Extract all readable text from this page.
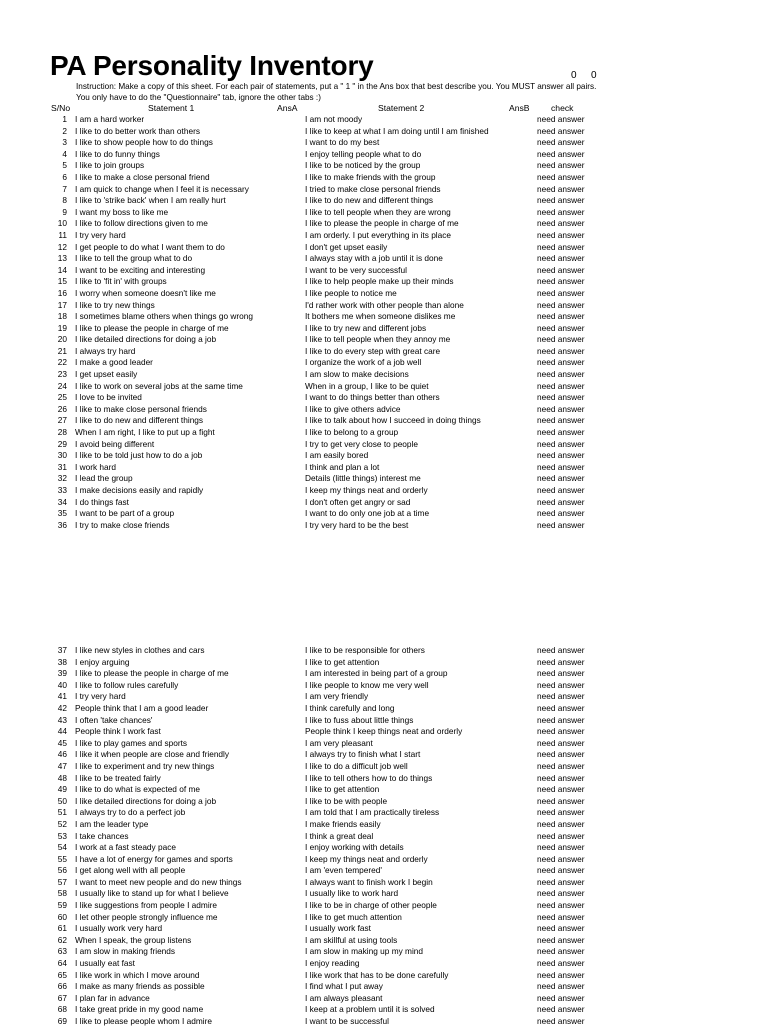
PA Personality Inventory	0 0
Instruction: Make a copy of this sheet. For each pair of statements, put a " 1 " in the Ans box that best describe you. You MUST answer all pairs.
You only have to do the "Questionnaire" tab, ignore the other tabs :)
S/No	Statement 1	AnsA	Statement 2	AnsB check
1 I am a hard worker	I am not moody	need answer
2 I like to do better work than others	I like to keep at what I am doing until I am finished	need answer
3 I like to show people how to do things	I want to do my best	need answer
4 I like to do funny things	I enjoy telling people what to do	need answer
5 I like to join groups	I like to be noticed by the group	need answer
6 I like to make a close personal friend	I like to make friends with the group	need answer
7 I am quick to change when I feel it is necessary	I tried to make close personal friends	need answer
8 I like to 'strike back' when I am really hurt	I like to do new and different things	need answer
9 I want my boss to like me	I like to tell people when they are wrong	need answer
10 I like to follow directions given to me	I like to please the people in charge of me	need answer
11 I try very hard	I am orderly. I put everything in its place	need answer
12 I get people to do what I want them to do	I don't get upset easily	need answer
13 I like to tell the group what to do	I always stay with a job until it is done	need answer
14 I want to be exciting and interesting	I want to be very successful	need answer
15 I like to 'fit in' with groups	I like to help people make up their minds	need answer
16 I worry when someone doesn't like me	I like people to notice me	need answer
17 I like to try new things	I'd rather work with other people than alone	need answer
18 I sometimes blame others when things go wrong	It bothers me when someone dislikes me	need answer
19 I like to please the people in charge of me	I like to try new and different jobs	need answer
20 I like detailed directions for doing a job	I like to tell people when they annoy me	need answer
21 I always try hard	I like to do every step with great care	need answer
22 I make a good leader	I organize the work of a job well	need answer
23 I get upset easily	I am slow to make decisions	need answer
24 I like to work on several jobs at the same time	When in a group, I like to be quiet	need answer
25 I love to be invited	I want to do things better than others	need answer
26 I like to make close personal friends	I like to give others advice	need answer
27 I like to do new and different things	I like to talk about how I succeed in doing things	need answer
28 When I am right, I like to put up a fight	I like to belong to a group	need answer
29 I avoid being different	I try to get very close to people	need answer
30 I like to be told just how to do a job	I am easily bored	need answer
31 I work hard	I think and plan a lot	need answer
32 I lead the group	Details (little things) interest me	need answer
33 I make decisions easily and rapidly	I keep my things neat and orderly	need answer
34 I do things fast	I don't often get angry or sad	need answer
35 I want to be part of a group	I want to do only one job at a time	need answer
36 I try to make close friends	I try very hard to be the best	need answer
37 I like new styles in clothes and cars	I like to be responsible for others	need answer
38 I enjoy arguing	I like to get attention	need answer
39 I like to please the people in charge of me	I am interested in being part of a group	need answer
40 I like to follow rules carefully	I like people to know me very well	need answer
41 I try very hard	I am very friendly	need answer
42 People think that I am a good leader	I think carefully and long	need answer
43 I often 'take chances'	I like to fuss about little things	need answer
44 People think I work fast	People think I keep things neat and orderly	need answer
45 I like to play games and sports	I am very pleasant	need answer
46 I like it when people are close and friendly	I always try to finish what I start	need answer
47 I like to experiment and try new things	I like to do a difficult job well	need answer
48 I like to be treated fairly	I like to tell others how to do things	need answer
49 I like to do what is expected of me	I like to get attention	need answer
50 I like detailed directions for doing a job	I like to be with people	need answer
51 I always try to do a perfect job	I am told that I am practically tireless	need answer
52 I am the leader type	I make friends easily	need answer
53 I take chances	I think a great deal	need answer
54 I work at a fast steady pace	I enjoy working with details	need answer
55 I have a lot of energy for games and sports	I keep my things neat and orderly	need answer
56 I get along well with all people	I am 'even tempered'	need answer
57 I want to meet new people and do new things	I always want to finish work I begin	need answer
58 I usually like to stand up for what I believe	I usually like to work hard	need answer
59 I like suggestions from people I admire	I like to be in charge of other people	need answer
60 I let other people strongly influence me	I like to get much attention	need answer
61 I usually work very hard	I usually work fast	need answer
62 When I speak, the group listens	I am skillful at using tools	need answer
63 I am slow in making friends	I am slow in making up my mind	need answer
64 I usually eat fast	I enjoy reading	need answer
65 I like work in which I move around	I like work that has to be done carefully	need answer
66 I make as many friends as possible	I find what I put away	need answer
67 I plan far in advance	I am always pleasant	need answer
68 I take great pride in my good name	I keep at a problem until it is solved	need answer
69 I like to please people whom I admire	I want to be successful	need answer
